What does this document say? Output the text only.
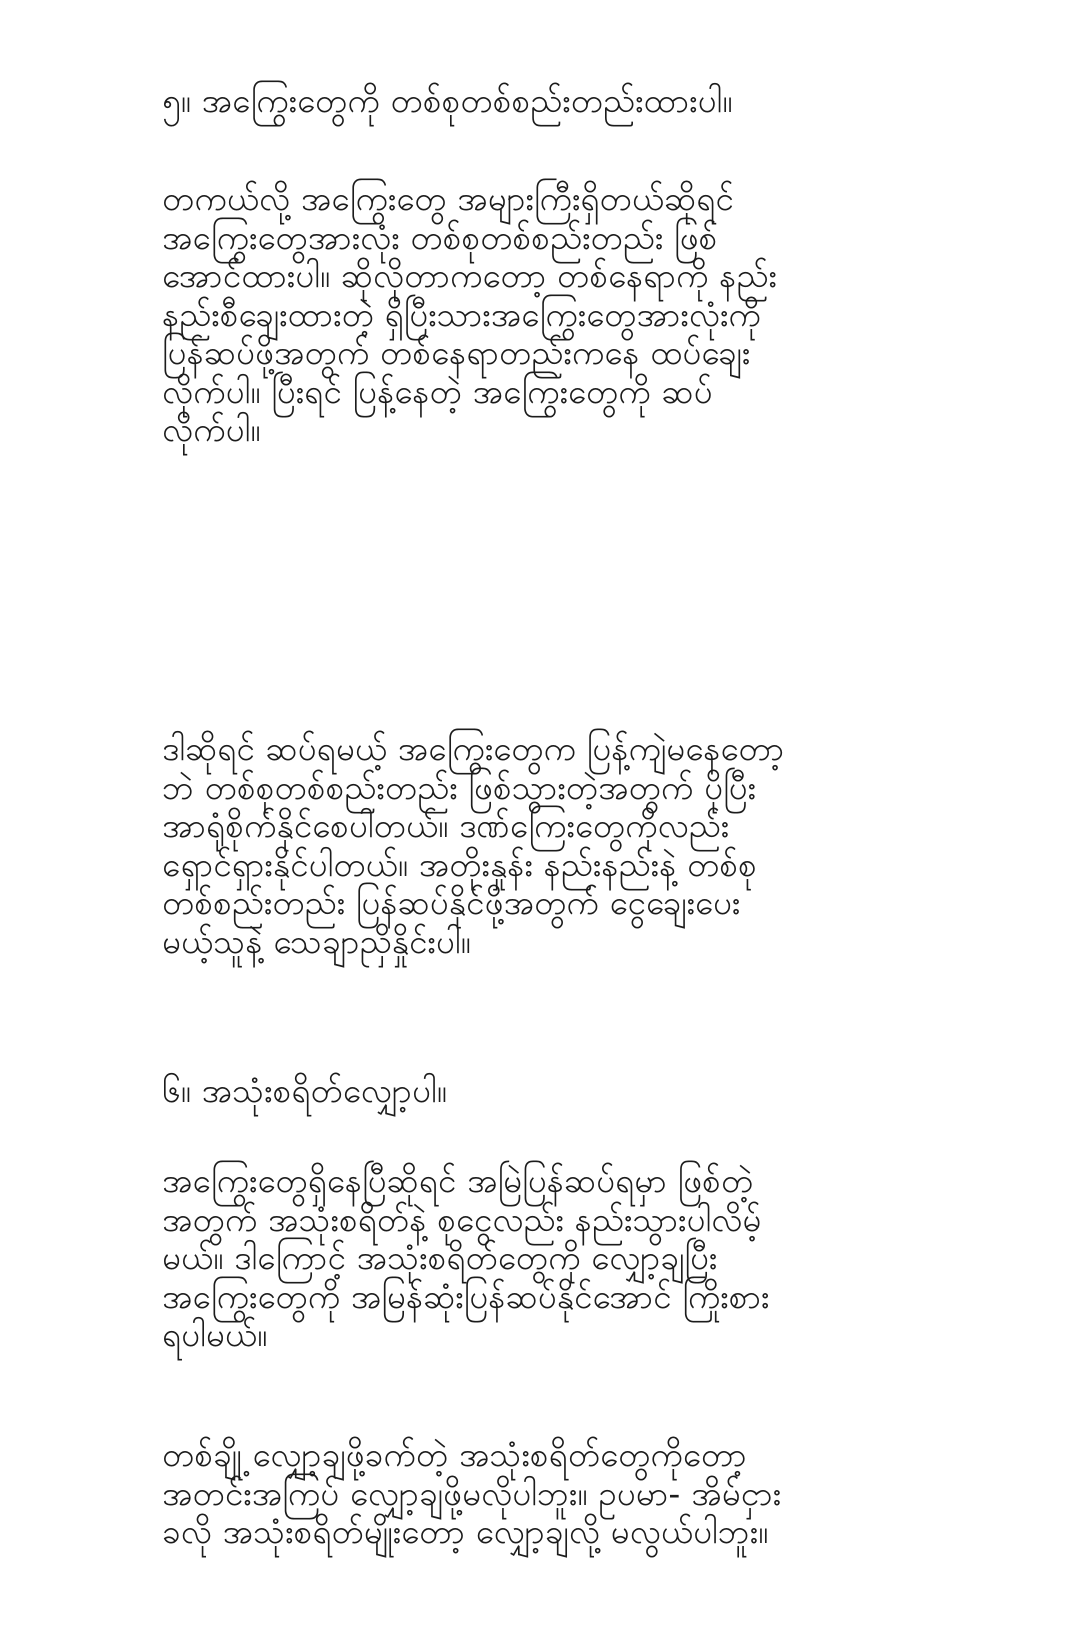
၅။ အကြွေးတွေကို တစ်စုတစ်စည်းတည်းထားပါ။
တကယ်လို့ အကြွေးတွေ အများကြီးရှိတယ်ဆိုရင်
အကြွေးတွေအားလုံး တစ်စုတစ်စည်းတည်း ဖြစ်
အောင်ထားပါ။ ဆိုလိုတာကတော့ တစ်နေရာကို နည်း
နည်းစီချေးထားတဲ့ ရှိပြီးသားအကြွေးတွေအားလုံးကို
ပြန်ဆပ်ဖို့အတွက် တစ်နေရာတည်းကနေ ထပ်ချေး
လိုက်ပါ။ ပြီးရင် ပြန့်နေတဲ့ အကြွေးတွေကို ဆပ်
လိုက်ပါ။
ဒါဆိုရင် ဆပ်ရမယ့် အကြွေးတွေက ပြန့်ကျဲမနေတော့
ဘဲ တစ်စုတစ်စည်းတည်း ဖြစ်သွားတဲ့အတွက် ပိုပြီး
အာရုံစိုက်နိုင်စေပါတယ်။ ဒဏ်ကြေးတွေကိုလည်း
ရှောင်ရှားနိုင်ပါတယ်။ အတိုးနှုန်း နည်းနည်းနဲ့ တစ်စု
တစ်စည်းတည်း ပြန်ဆပ်နိုင်ဖို့အတွက် ငွေချေးပေး
မယ့်သူနဲ့ သေချာညှိနှိုင်းပါ။
၆။ အသုံးစရိတ်လျှော့ပါ။
အကြွေးတွေရှိနေပြီဆိုရင် အမြဲပြန်ဆပ်ရမှာ ဖြစ်တဲ့
အတွက် အသုံးစရိတ်နဲ့ စုငွေလည်း နည်းသွားပါလိမ့်
မယ်။ ဒါကြောင့် အသုံးစရိတ်တွေကို လျှော့ချပြီး
အကြွေးတွေကို အမြန်ဆုံးပြန်ဆပ်နိုင်အောင် ကြိုးစား
ရပါမယ်။
တစ်ချို့ လျှော့ချဖို့ခက်တဲ့ အသုံးစရိတ်တွေကိုတော့
အတင်းအကြပ် လျှော့ချဖို့မလိုပါဘူး။ ဥပမာ- အိမ်ငှား
ခလို အသုံးစရိတ်မျိုးတော့ လျှော့ချလို့ မလွယ်ပါဘူး။
